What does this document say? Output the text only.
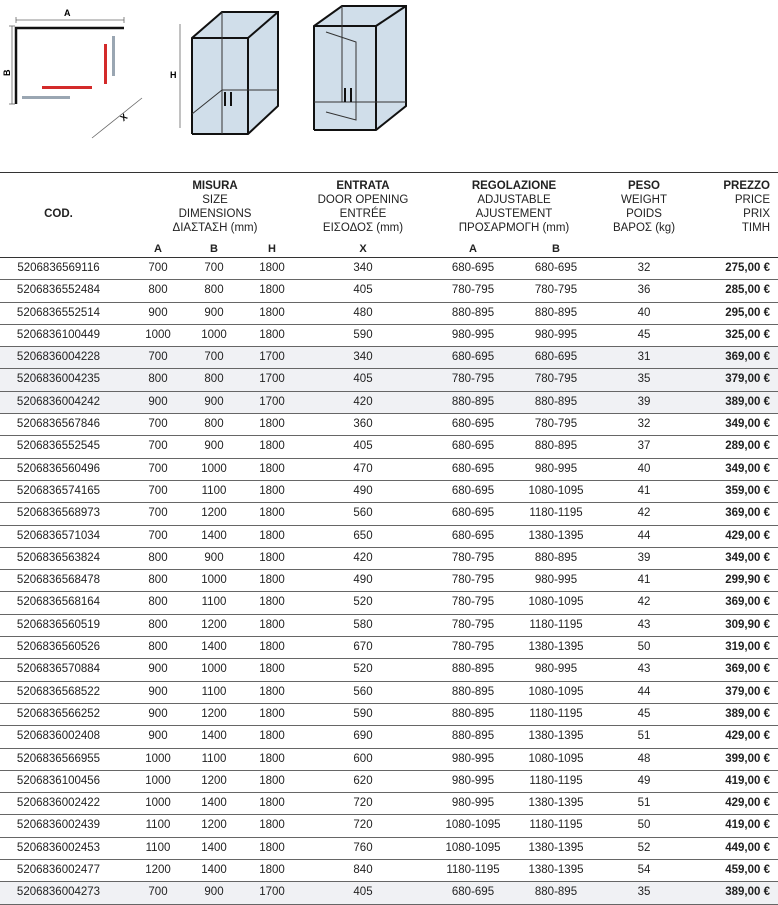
A
B
X
H
COD.
MISURA
SIZE
DIMENSIONS
ΔΙΑΣΤΑΣΗ (mm)
ENTRATA
DOOR OPENING
ENTRÉE
ΕΙΣΟΔΟΣ (mm)
REGOLAZIONE
ADJUSTABLE
AJUSTEMENT
ΠΡΟΣΑΡΜΟΓΗ (mm)
PESO
WEIGHT
POIDS
ΒΑΡΟΣ (kg)
PREZZO
PRICE
PRIX
TIMH
A	B	H	X	A	B
5206836569116	700	700	1800	340	680-695	680-695	32	275,00 €
5206836552484	800	800	1800	405	780-795	780-795	36	285,00 €
5206836552514	900	900	1800	480	880-895	880-895	40	295,00 €
5206836100449	1000	1000	1800	590	980-995	980-995	45	325,00 €
5206836004228	700	700	1700	340	680-695	680-695	31	369,00 €
5206836004235	800	800	1700	405	780-795	780-795	35	379,00 €
5206836004242	900	900	1700	420	880-895	880-895	39	389,00 €
5206836567846	700	800	1800	360	680-695	780-795	32	349,00 €
5206836552545	700	900	1800	405	680-695	880-895	37	289,00 €
5206836560496	700	1000	1800	470	680-695	980-995	40	349,00 €
5206836574165	700	1100	1800	490	680-695	1080-1095	41	359,00 €
5206836568973	700	1200	1800	560	680-695	1180-1195	42	369,00 €
5206836571034	700	1400	1800	650	680-695	1380-1395	44	429,00 €
5206836563824	800	900	1800	420	780-795	880-895	39	349,00 €
5206836568478	800	1000	1800	490	780-795	980-995	41	299,90 €
5206836568164	800	1100	1800	520	780-795	1080-1095	42	369,00 €
5206836560519	800	1200	1800	580	780-795	1180-1195	43	309,90 €
5206836560526	800	1400	1800	670	780-795	1380-1395	50	319,00 €
5206836570884	900	1000	1800	520	880-895	980-995	43	369,00 €
5206836568522	900	1100	1800	560	880-895	1080-1095	44	379,00 €
5206836566252	900	1200	1800	590	880-895	1180-1195	45	389,00 €
5206836002408	900	1400	1800	690	880-895	1380-1395	51	429,00 €
5206836566955	1000	1100	1800	600	980-995	1080-1095	48	399,00 €
5206836100456	1000	1200	1800	620	980-995	1180-1195	49	419,00 €
5206836002422	1000	1400	1800	720	980-995	1380-1395	51	429,00 €
5206836002439	1100	1200	1800	720	1080-1095	1180-1195	50	419,00 €
5206836002453	1100	1400	1800	760	1080-1095	1380-1395	52	449,00 €
5206836002477	1200	1400	1800	840	1180-1195	1380-1395	54	459,00 €
5206836004273	700	900	1700	405	680-695	880-895	35	389,00 €
